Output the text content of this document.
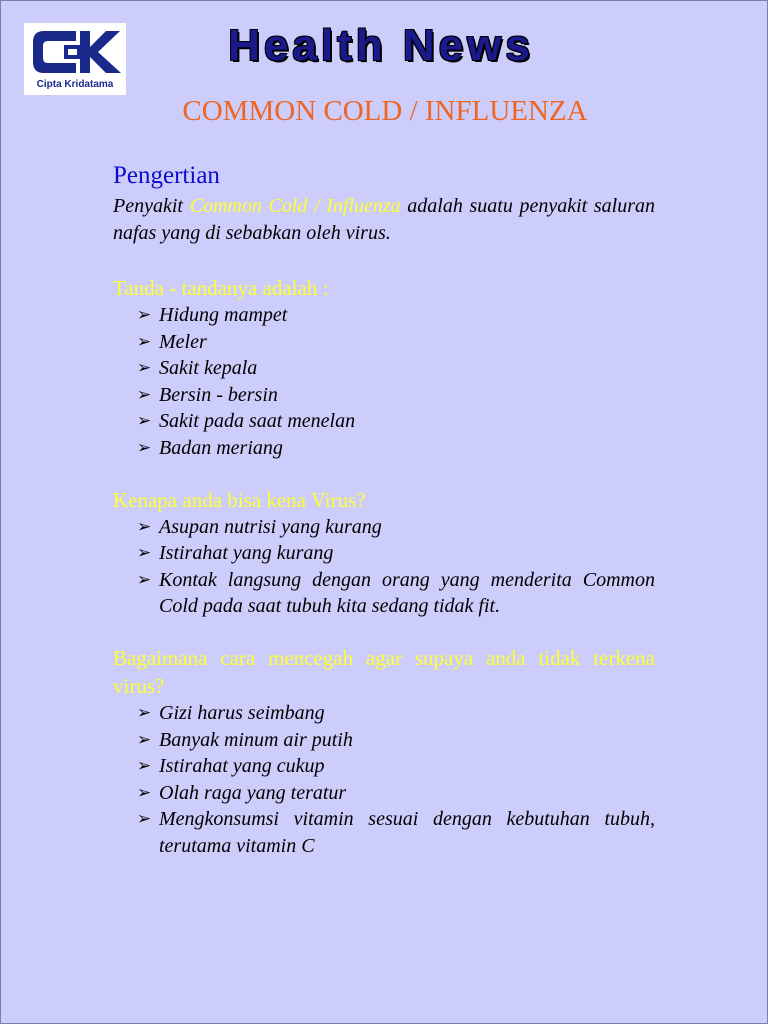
Cipta Kridatama
Health News
COMMON COLD / INFLUENZA
Pengertian
Penyakit Common Cold / Influenza adalah suatu penyakit saluran nafas yang di sebabkan oleh virus.
Tanda - tandanya adalah :
➢ Hidung mampet
➢ Meler
➢ Sakit kepala
➢ Bersin - bersin
➢ Sakit pada saat menelan
➢ Badan meriang
Kenapa anda bisa kena Virus?
➢ Asupan nutrisi yang kurang
➢ Istirahat yang kurang
➢ Kontak langsung dengan orang yang menderita Common Cold pada saat tubuh kita sedang tidak fit.
Bagaimana cara mencegah agar supaya anda tidak terkena virus?
➢ Gizi harus seimbang
➢ Banyak minum air putih
➢ Istirahat yang cukup
➢ Olah raga yang teratur
➢ Mengkonsumsi vitamin sesuai dengan kebutuhan tubuh, terutama vitamin C
